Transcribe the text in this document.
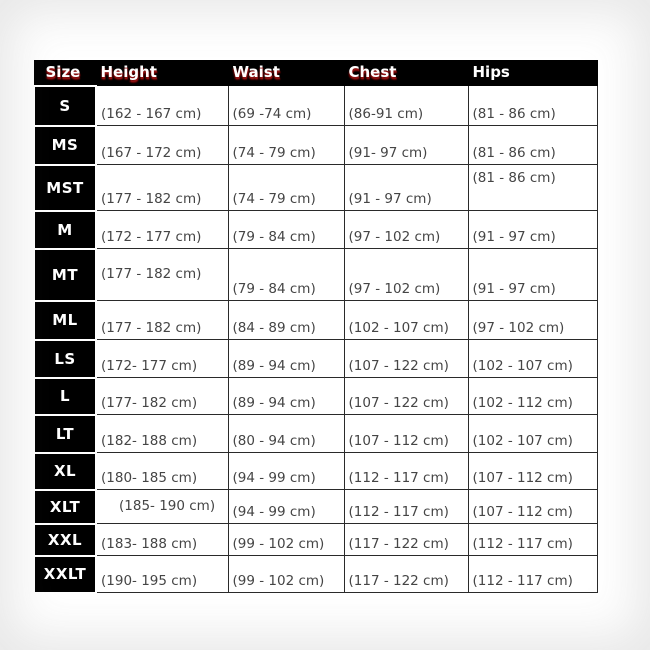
Size	Height	Waist	Chest	Hips
S	(162 - 167 cm)	(69 -74 cm)	(86-91 cm)	(81 - 86 cm)
MS	(167 - 172 cm)	(74 - 79 cm)	(91- 97 cm)	(81 - 86 cm)
MST	(177 - 182 cm)	(74 - 79 cm)	(91 - 97 cm)	(81 - 86 cm)
M	(172 - 177 cm)	(79 - 84 cm)	(97 - 102 cm)	(91 - 97 cm)
MT	(177 - 182 cm)	(79 - 84 cm)	(97 - 102 cm)	(91 - 97 cm)
ML	(177 - 182 cm)	(84 - 89 cm)	(102 - 107 cm)	(97 - 102 cm)
LS	(172- 177 cm)	(89 - 94 cm)	(107 - 122 cm)	(102 - 107 cm)
L	(177- 182 cm)	(89 - 94 cm)	(107 - 122 cm)	(102 - 112 cm)
LT	(182- 188 cm)	(80 - 94 cm)	(107 - 112 cm)	(102 - 107 cm)
XL	(180- 185 cm)	(94 - 99 cm)	(112 - 117 cm)	(107 - 112 cm)
XLT	(185- 190 cm)	(94 - 99 cm)	(112 - 117 cm)	(107 - 112 cm)
XXL	(183- 188 cm)	(99 - 102 cm)	(117 - 122 cm)	(112 - 117 cm)
XXLT	(190- 195 cm)	(99 - 102 cm)	(117 - 122 cm)	(112 - 117 cm)
